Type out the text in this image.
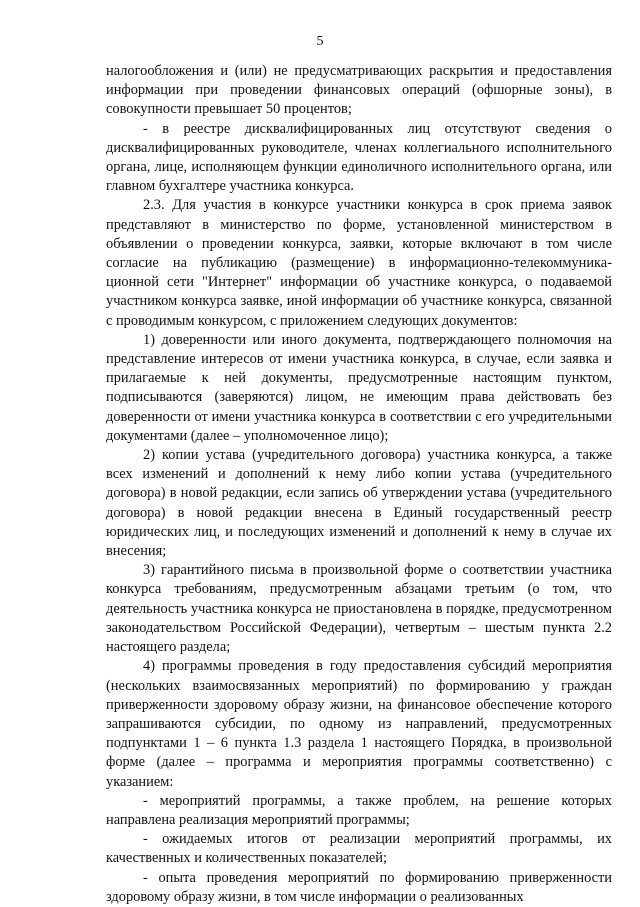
5

налогообложения и (или) не предусматривающих раскрытия и предоставления информации при проведении финансовых операций (офшорные зоны), в совокупности превышает 50 процентов;

- в реестре дисквалифицированных лиц отсутствуют сведения о дисквалифицированных руководителе, членах коллегиального исполнительного органа, лице, исполняющем функции единоличного исполнительного органа, или главном бухгалтере участника конкурса.

2.3. Для участия в конкурсе участники конкурса в срок приема заявок представляют в министерство по форме, установленной министерством в объявлении о проведении конкурса, заявки, которые включают в том числе согласие на публикацию (размещение) в информационно-телекоммуника-ционной сети "Интернет" информации об участнике конкурса, о подаваемой участником конкурса заявке, иной информации об участнике конкурса, связанной с проводимым конкурсом, с приложением следующих документов:

1) доверенности или иного документа, подтверждающего полномочия на представление интересов от имени участника конкурса, в случае, если заявка и прилагаемые к ней документы, предусмотренные настоящим пунктом, подписываются (заверяются) лицом, не имеющим права действовать без доверенности от имени участника конкурса в соответствии с его учредительными документами (далее – уполномоченное лицо);

2) копии устава (учредительного договора) участника конкурса, а также всех изменений и дополнений к нему либо копии устава (учредительного договора) в новой редакции, если запись об утверждении устава (учредительного договора) в новой редакции внесена в Единый государственный реестр юридических лиц, и последующих изменений и дополнений к нему в случае их внесения;

3) гарантийного письма в произвольной форме о соответствии участника конкурса требованиям, предусмотренным абзацами третьим (о том, что деятельность участника конкурса не приостановлена в порядке, предусмотренном законодательством Российской Федерации), четвертым – шестым пункта 2.2 настоящего раздела;

4) программы проведения в году предоставления субсидий мероприятия (нескольких взаимосвязанных мероприятий) по формированию у граждан приверженности здоровому образу жизни, на финансовое обеспечение которого запрашиваются субсидии, по одному из направлений, предусмотренных подпунктами 1 – 6 пункта 1.3 раздела 1 настоящего Порядка, в произвольной форме (далее – программа и мероприятия программы соответственно) с указанием:

- мероприятий программы, а также проблем, на решение которых направлена реализация мероприятий программы;

- ожидаемых итогов от реализации мероприятий программы, их качественных и количественных показателей;

- опыта проведения мероприятий по формированию приверженности здоровому образу жизни, в том числе информации о реализованных
